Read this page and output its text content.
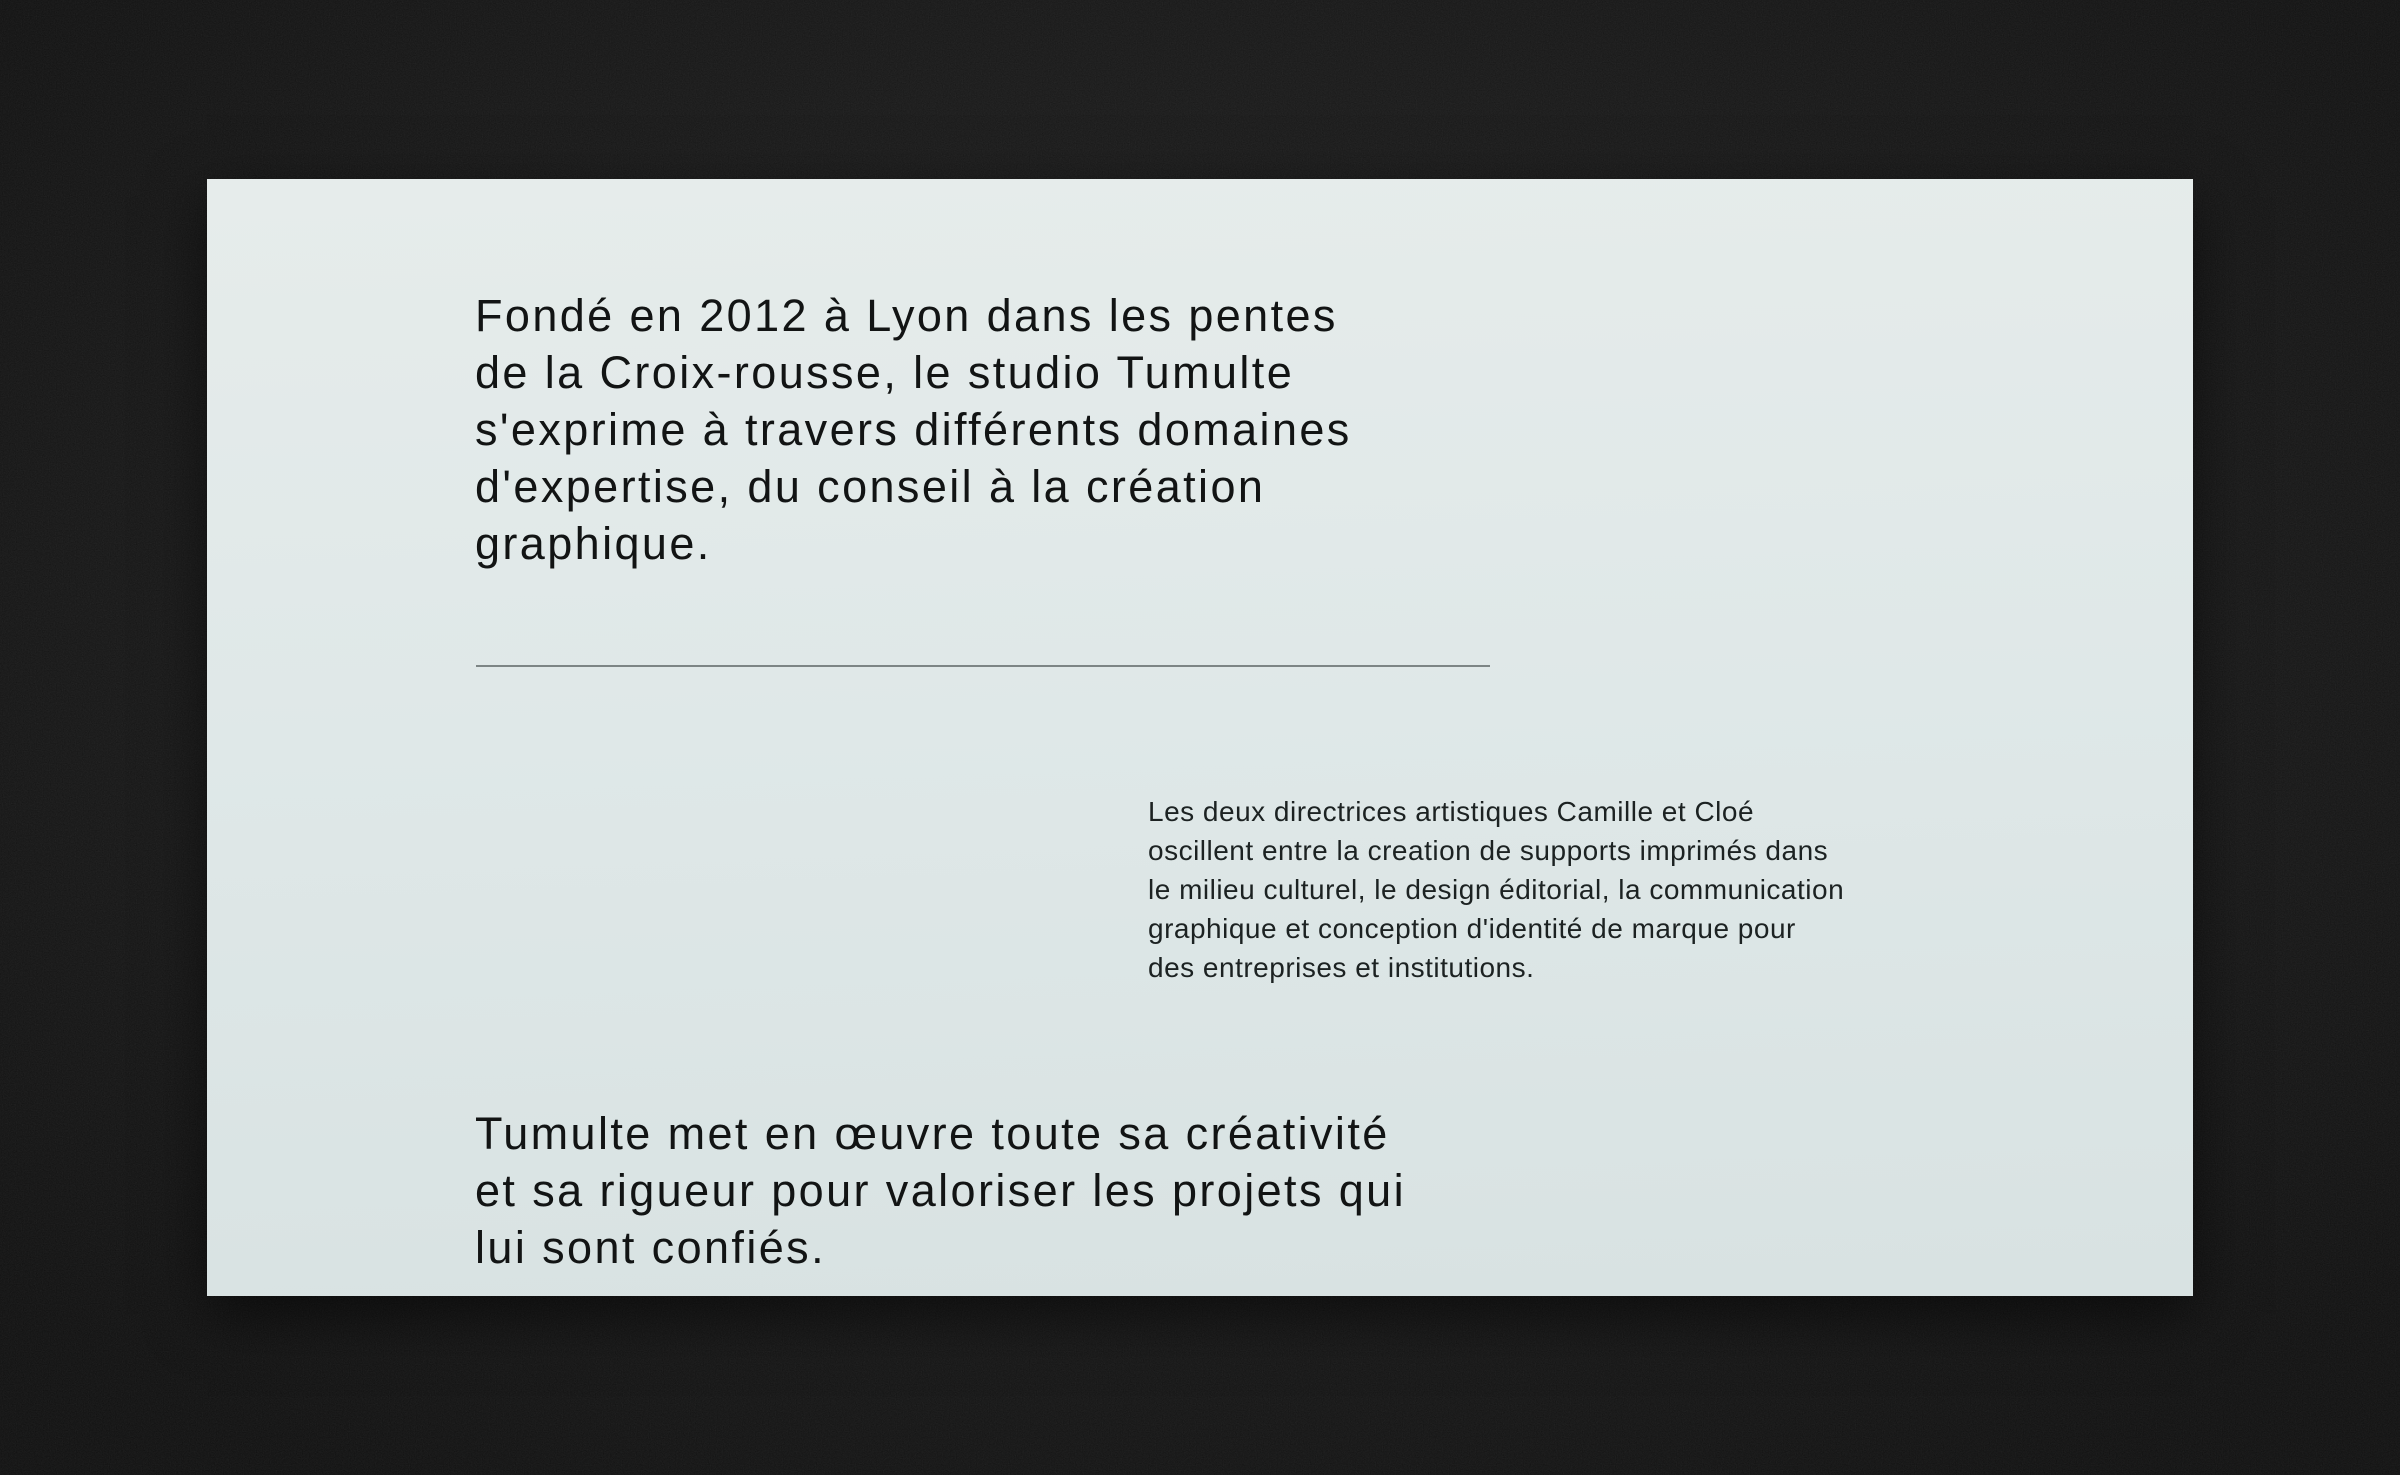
Fondé en 2012 à Lyon dans les pentes
de la Croix-rousse, le studio Tumulte
s'exprime à travers différents domaines
d'expertise, du conseil à la création
graphique.
Les deux directrices artistiques Camille et Cloé
oscillent entre la creation de supports imprimés dans
le milieu culturel, le design éditorial, la communication
graphique et conception d'identité de marque pour
des entreprises et institutions.
Tumulte met en œuvre toute sa créativité
et sa rigueur pour valoriser les projets qui
lui sont confiés.
